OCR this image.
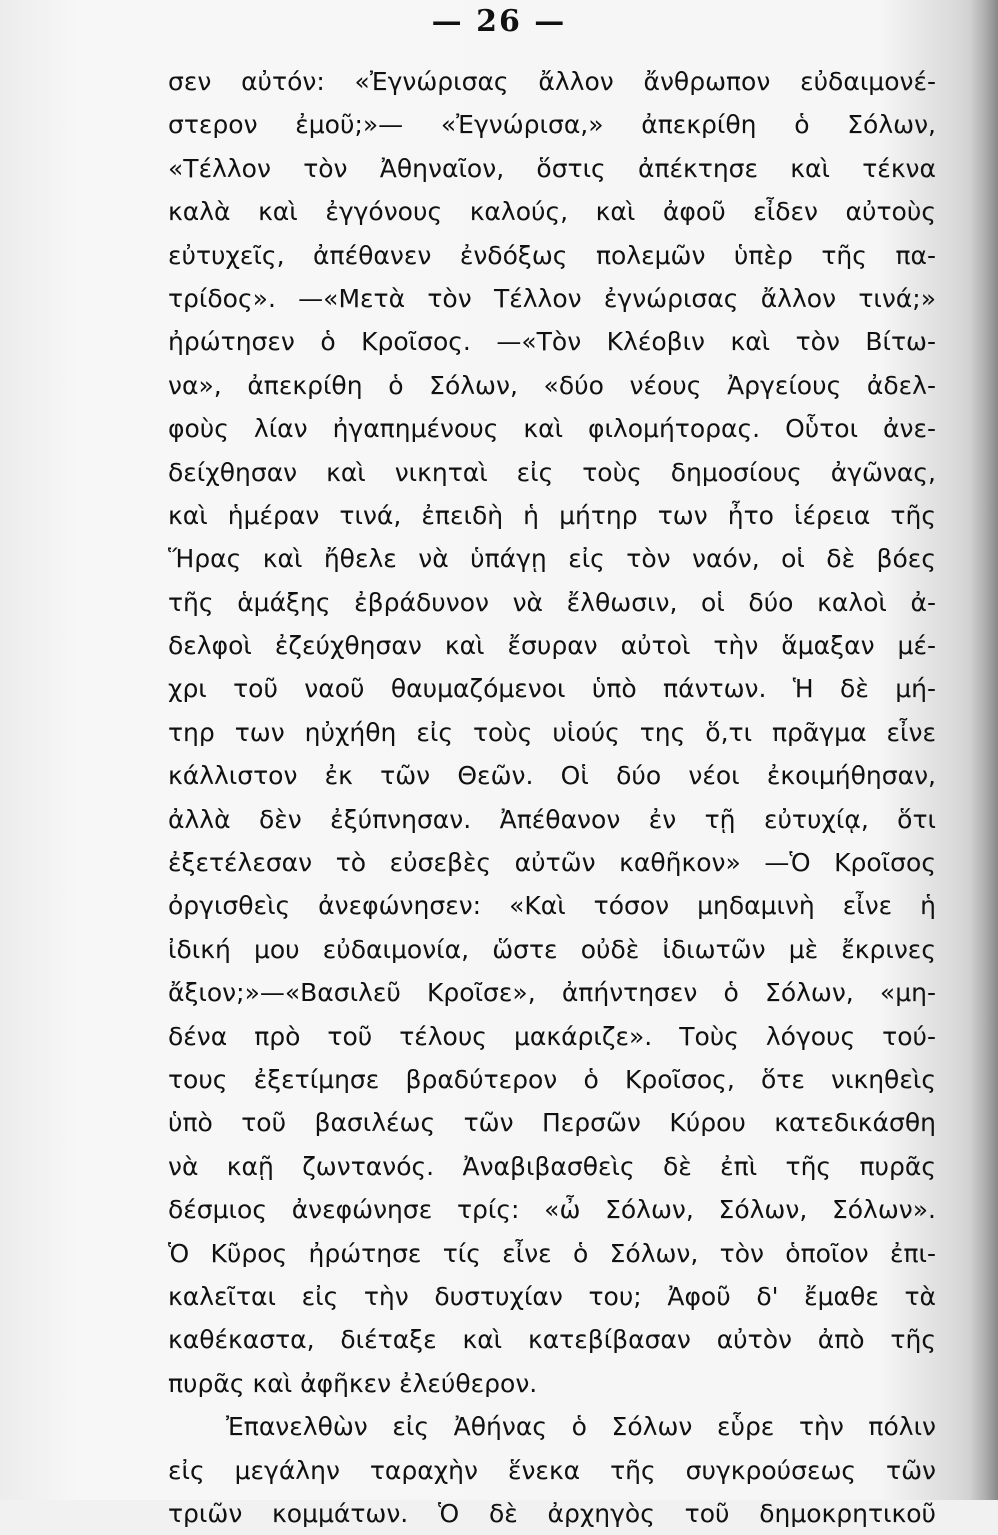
— 26 —
σεν αὐτόν: «Ἐγνώρισας ἄλλον ἄνθρωπον εὐδαιμονέ-
στερον ἐμοῦ;»— «Ἐγνώρισα,» ἀπεκρίθη ὁ Σόλων,
«Τέλλον τὸν Ἀθηναῖον, ὅστις ἀπέκτησε καὶ τέκνα
καλὰ καὶ ἐγγόνους καλούς, καὶ ἀφοῦ εἶδεν αὐτοὺς
εὐτυχεῖς, ἀπέθανεν ἐνδόξως πολεμῶν ὑπὲρ τῆς πα-
τρίδος». —«Μετὰ τὸν Τέλλον ἐγνώρισας ἄλλον τινά;»
ἠρώτησεν ὁ Κροῖσος. —«Τὸν Κλέοβιν καὶ τὸν Βίτω-
να», ἀπεκρίθη ὁ Σόλων, «δύο νέους Ἀργείους ἀδελ-
φοὺς λίαν ἠγαπημένους καὶ φιλομήτορας. Οὗτοι ἀνε-
δείχθησαν καὶ νικηταὶ εἰς τοὺς δημοσίους ἀγῶνας,
καὶ ἡμέραν τινά, ἐπειδὴ ἡ μήτηρ των ἦτο ἱέρεια τῆς
Ἥρας καὶ ἤθελε νὰ ὑπάγῃ εἰς τὸν ναόν, οἱ δὲ βόες
τῆς ἁμάξης ἐβράδυνον νὰ ἔλθωσιν, οἱ δύο καλοὶ ἀ-
δελφοὶ ἐζεύχθησαν καὶ ἔσυραν αὐτοὶ τὴν ἅμαξαν μέ-
χρι τοῦ ναοῦ θαυμαζόμενοι ὑπὸ πάντων. Ἡ δὲ μή-
τηρ των ηὐχήθη εἰς τοὺς υἱούς της ὅ,τι πρᾶγμα εἶνε
κάλλιστον ἐκ τῶν Θεῶν. Οἱ δύο νέοι ἐκοιμήθησαν,
ἀλλὰ δὲν ἐξύπνησαν. Ἀπέθανον ἐν τῇ εὐτυχίᾳ, ὅτι
ἐξετέλεσαν τὸ εὐσεβὲς αὐτῶν καθῆκον» —Ὁ Κροῖσος
ὀργισθεὶς ἀνεφώνησεν: «Καὶ τόσον μηδαμινὴ εἶνε ἡ
ἰδική μου εὐδαιμονία, ὥστε οὐδὲ ἰδιωτῶν μὲ ἔκρινες
ἄξιον;»—«Βασιλεῦ Κροῖσε», ἀπήντησεν ὁ Σόλων, «μη-
δένα πρὸ τοῦ τέλους μακάριζε». Τοὺς λόγους τού-
τους ἐξετίμησε βραδύτερον ὁ Κροῖσος, ὅτε νικηθεὶς
ὑπὸ τοῦ βασιλέως τῶν Περσῶν Κύρου κατεδικάσθη
νὰ καῇ ζωντανός. Ἀναβιβασθεὶς δὲ ἐπὶ τῆς πυρᾶς
δέσμιος ἀνεφώνησε τρίς: «ὦ Σόλων, Σόλων, Σόλων».
Ὁ Κῦρος ἠρώτησε τίς εἶνε ὁ Σόλων, τὸν ὁποῖον ἐπι-
καλεῖται εἰς τὴν δυστυχίαν του; Ἀφοῦ δ' ἔμαθε τὰ
καθέκαστα, διέταξε καὶ κατεβίβασαν αὐτὸν ἀπὸ τῆς
πυρᾶς καὶ ἀφῆκεν ἐλεύθερον.
Ἐπανελθὼν εἰς Ἀθήνας ὁ Σόλων εὗρε τὴν πόλιν
εἰς μεγάλην ταραχὴν ἕνεκα τῆς συγκρούσεως τῶν
τριῶν κομμάτων. Ὁ δὲ ἀρχηγὸς τοῦ δημοκρητικοῦ
